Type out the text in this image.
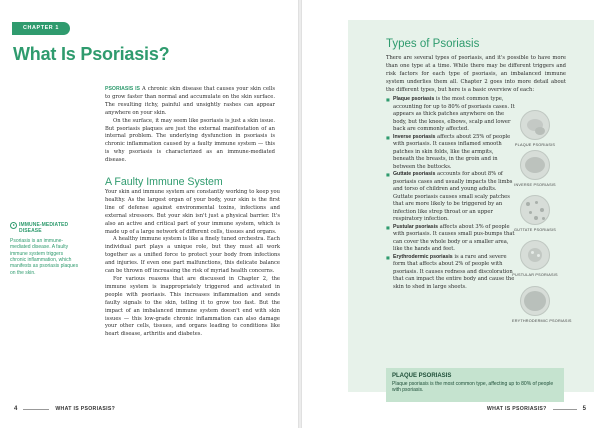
CHAPTER 1
What Is Psoriasis?

PSORIASIS IS A chronic skin disease that causes your skin cells to grow faster than normal and accumulate on the skin surface. The resulting itchy, painful and unsightly rashes can appear anywhere on your skin.

On the surface, it may seem like psoriasis is just a skin issue. But psoriasis plaques are just the external manifestation of an internal problem. The underlying dysfunction in psoriasis is chronic inflammation caused by a faulty immune system — this is why psoriasis is characterized as an immune-mediated disease.

A Faulty Immune System

Your skin and immune system are constantly working to keep you healthy. As the largest organ of your body, your skin is the first line of defense against environmental toxins, infections and external stressors. But your skin isn't just a physical barrier. It's also an active and critical part of your immune system, which is made up of a large network of different cells, tissues and organs.

A healthy immune system is like a finely tuned orchestra. Each individual part plays a unique role, but they must all work together as a unified force to protect your body from infections and injuries. If even one part malfunctions, this delicate balance can be thrown off increasing the risk of myriad health concerns.

For various reasons that are discussed in Chapter 2, the immune system is inappropriately triggered and activated in people with psoriasis. This increases inflammation and sends faulty signals to the skin, telling it to grow too fast. But the impact of an imbalanced immune system doesn't end with skin issues — this low-grade chronic inflammation can also damage your other cells, tissues, and organs leading to conditions like heart disease, arthritis and diabetes.

IMMUNE-MEDIATED DISEASE
Psoriasis is an immune-mediated disease. A faulty immune system triggers chronic inflammation, which manifests as psoriasis plaques on the skin.
4	WHAT IS PSORIASIS?
Types of Psoriasis

There are several types of psoriasis, and it's possible to have more than one type at a time. While there may be different triggers and risk factors for each type of psoriasis, an imbalanced immune system underlies them all. Chapter 2 goes into more detail about the different types, but here is a basic overview of each:

■ Plaque psoriasis is the most common type, accounting for up to 80% of psoriasis cases. It appears as thick patches anywhere on the body, but the knees, elbows, scalp and lower back are commonly affected.
■ Inverse psoriasis affects about 25% of people with psoriasis. It causes inflamed smooth patches in skin folds, like the armpits, beneath the breasts, in the groin and in between the buttocks.
■ Guttate psoriasis accounts for about 8% of psoriasis cases and usually impacts the limbs and torso of children and young adults. Guttate psoriasis causes small scaly patches that are more likely to be triggered by an infection like strep throat or an upper respiratory infection.
■ Pustular psoriasis affects about 3% of people with psoriasis. It causes small pus-bumps that can cover the whole body or a smaller area, like the hands and feet.
■ Erythrodermic psoriasis is a rare and severe form that affects about 2% of people with psoriasis. It causes redness and discoloration that can impact the entire body and cause the skin to shed in large sheets.
PLAQUE PSORIASIS
INVERSE PSORIASIS
GUTTATE PSORIASIS
PUSTULAR PSORIASIS
ERYTHRODERMIC PSORIASIS
PLAQUE PSORIASIS
Plaque psoriasis is the most common type, affecting up to 80% of people with psoriasis.
WHAT IS PSORIASIS?	5
